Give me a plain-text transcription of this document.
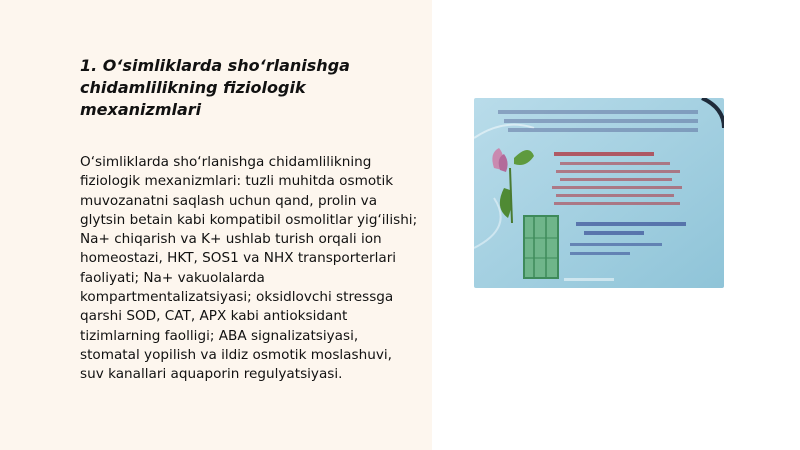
1. O‘simliklarda sho‘rlanishga chidamlilikning fiziologik mexanizmlari

O‘simliklarda sho‘rlanishga chidamlilikning fiziologik mexanizmlari: tuzli muhitda osmotik muvozanatni saqlash uchun qand, prolin va glytsin betain kabi kompatibil osmolitlar yig‘ilishi; Na+ chiqarish va K+ ushlab turish orqali ion homeostazi, HKT, SOS1 va NHX transporterlari faoliyati; Na+ vakuolalarda kompartmentalizatsiyasi; oksidlovchi stressga qarshi SOD, CAT, APX kabi antioksidant tizimlarning faolligi; ABA signalizatsiyasi, stomatal yopilish va ildiz osmotik moslashuvi, suv kanallari aquaporin regulyatsiyasi.
